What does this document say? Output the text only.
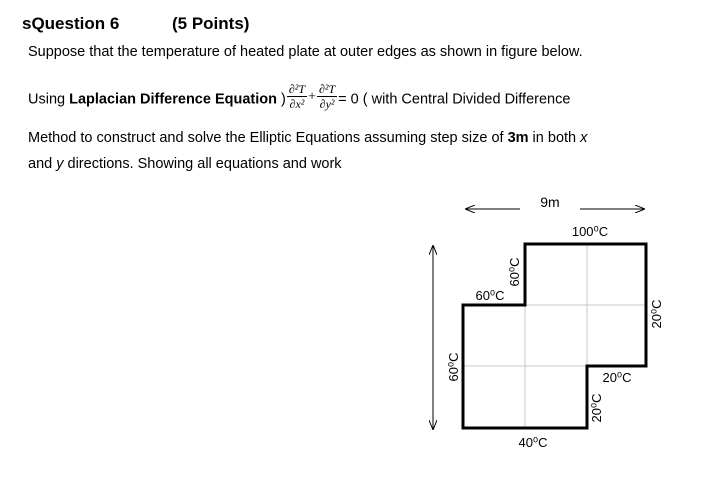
sQuestion 6	(5 Points)
Suppose that the temperature of heated plate at outer edges as shown in figure below.
Using Laplacian Difference Equation ) $\frac{\text{∂²T}}{\text{∂x²}} + \frac{\text{∂²T}}{\text{∂y²}} = 0$ ( with Central Divided Difference
Method to construct and solve the Elliptic Equations assuming step size of 3m in both x
and y directions. Showing all equations and work
9m
100⁰C
20⁰C
20⁰C
20⁰C
40⁰C
60⁰C
60⁰C
60⁰C
